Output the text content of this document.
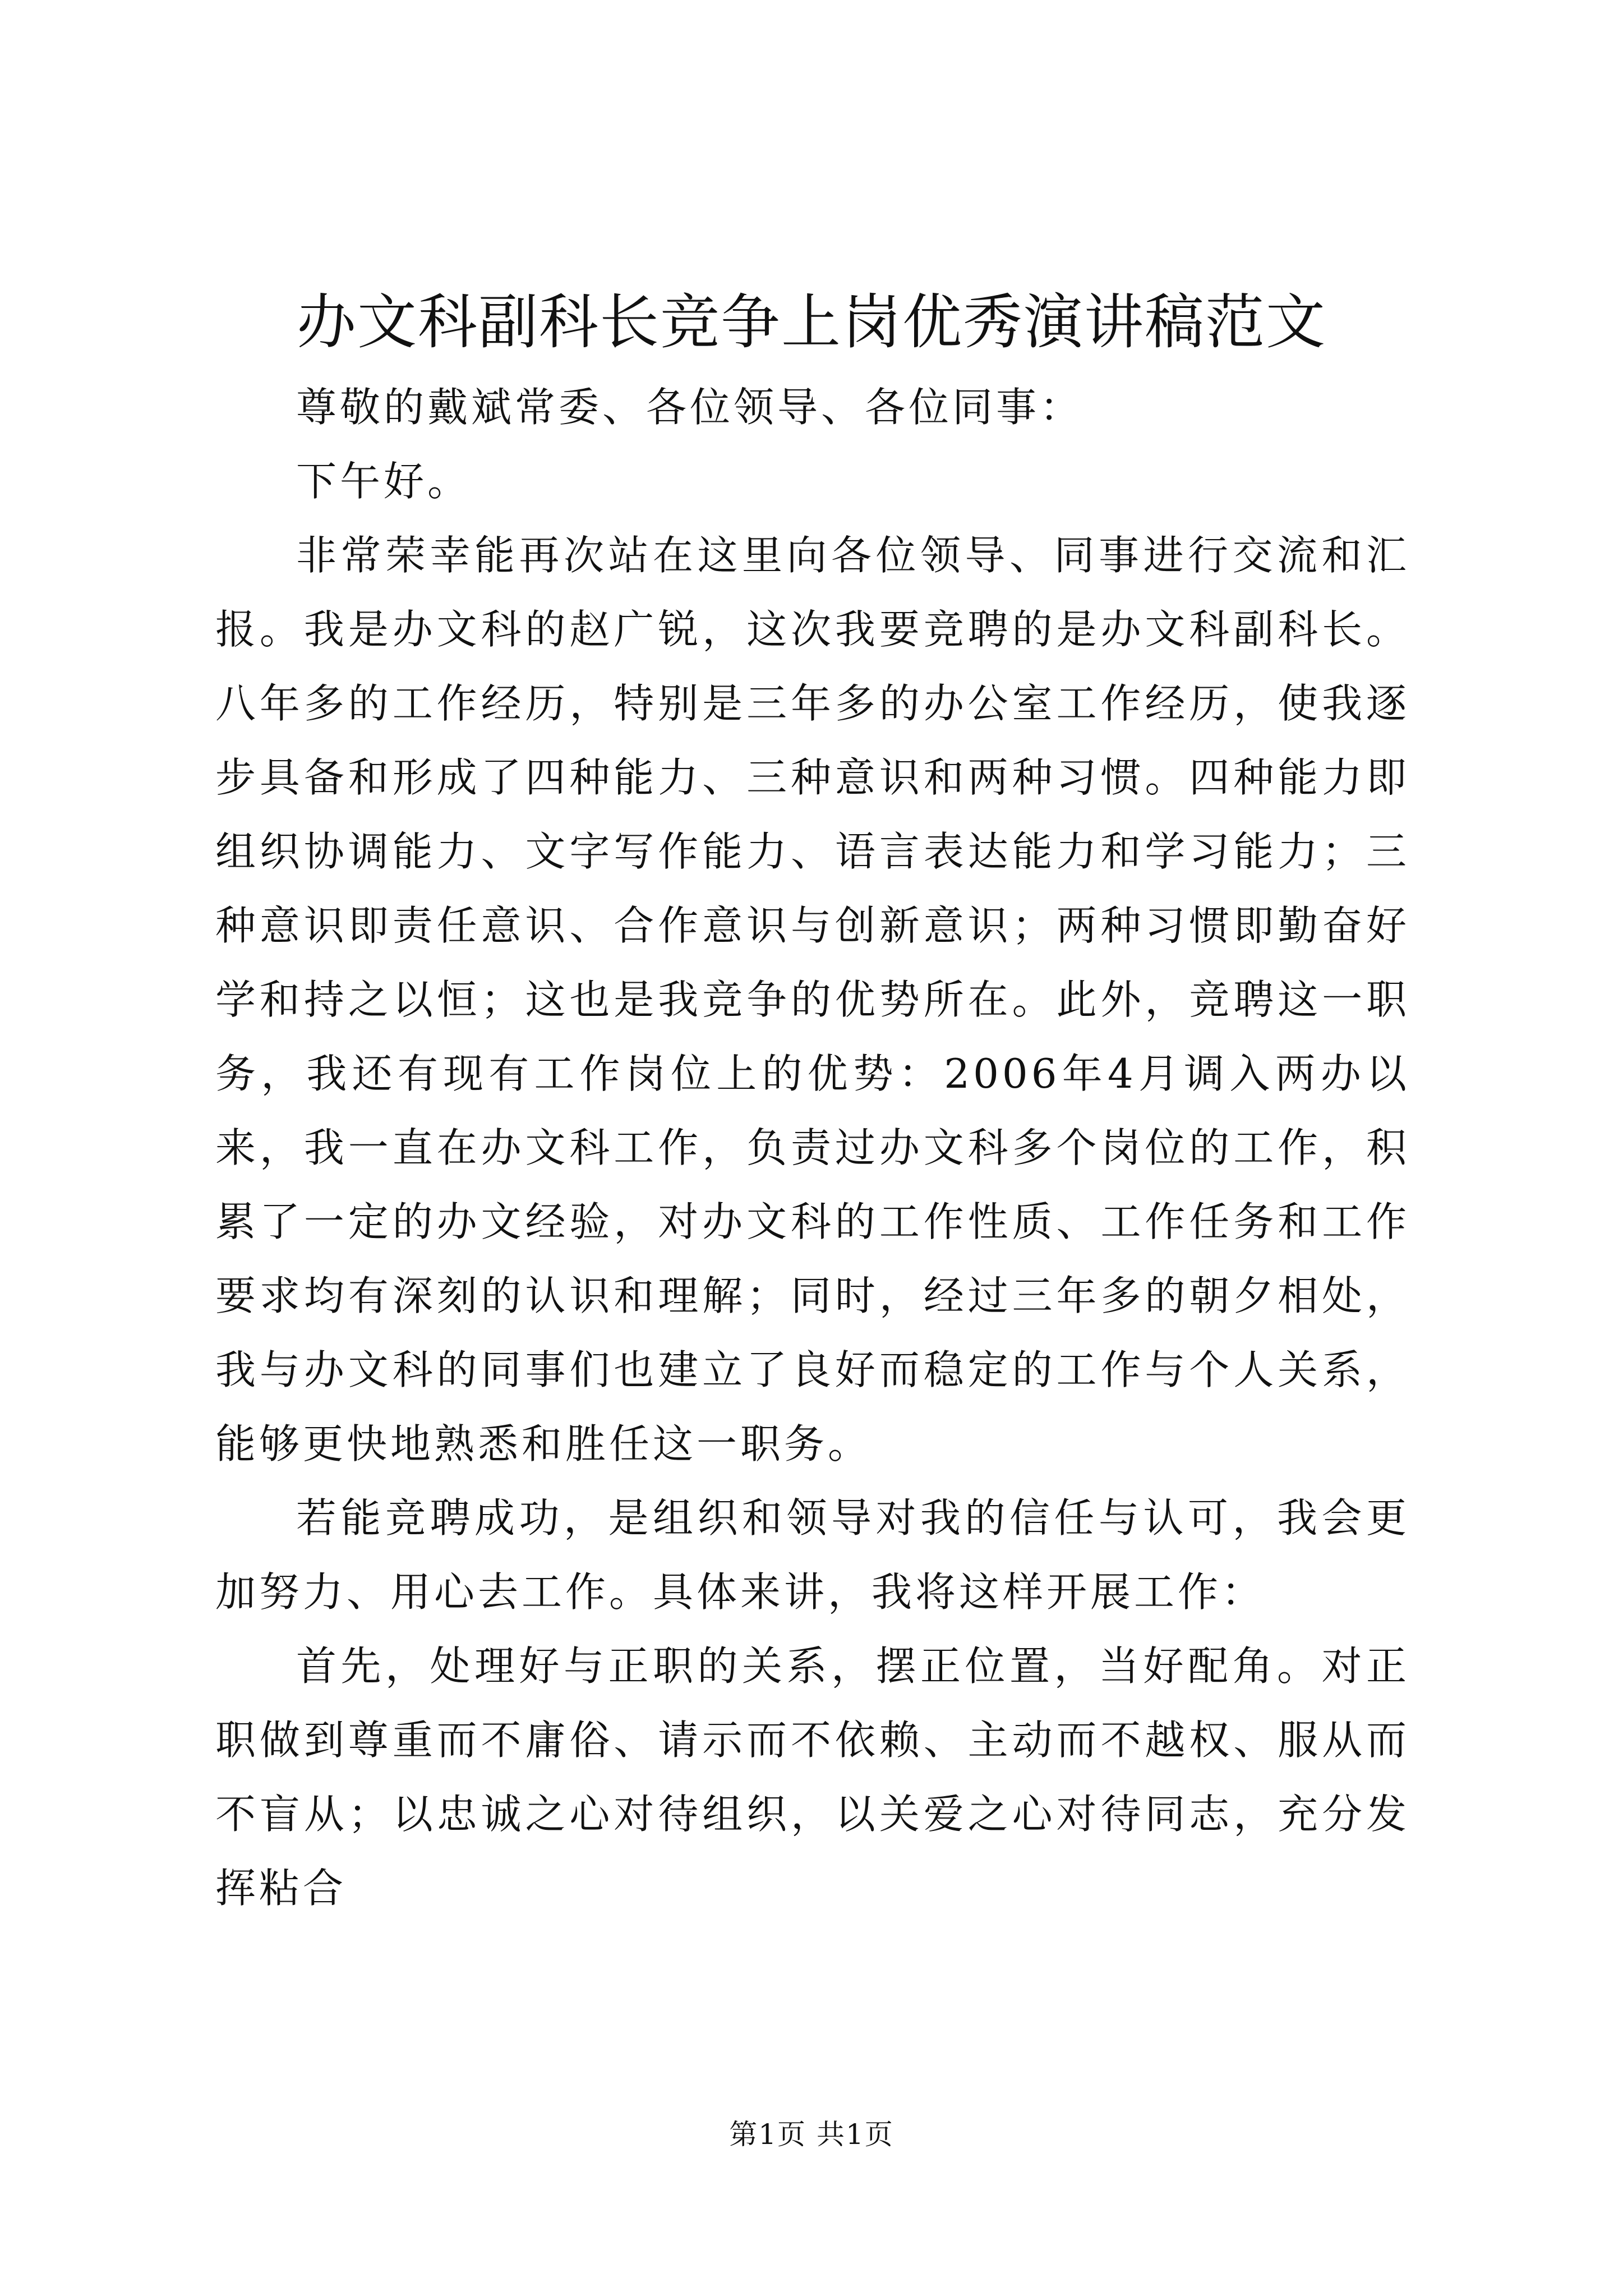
办文科副科长竞争上岗优秀演讲稿范文

尊敬的戴斌常委、各位领导、各位同事：

下午好。

非常荣幸能再次站在这里向各位领导、同事进行交流和汇报。我是办文科的赵广锐，这次我要竞聘的是办文科副科长。八年多的工作经历，特别是三年多的办公室工作经历，使我逐步具备和形成了四种能力、三种意识和两种习惯。四种能力即组织协调能力、文字写作能力、语言表达能力和学习能力；三种意识即责任意识、合作意识与创新意识；两种习惯即勤奋好学和持之以恒；这也是我竞争的优势所在。此外，竞聘这一职务，我还有现有工作岗位上的优势：2006年4月调入两办以来，我一直在办文科工作，负责过办文科多个岗位的工作，积累了一定的办文经验，对办文科的工作性质、工作任务和工作要求均有深刻的认识和理解；同时，经过三年多的朝夕相处，我与办文科的同事们也建立了良好而稳定的工作与个人关系，能够更快地熟悉和胜任这一职务。

若能竞聘成功，是组织和领导对我的信任与认可，我会更加努力、用心去工作。具体来讲，我将这样开展工作：

首先，处理好与正职的关系，摆正位置，当好配角。对正职做到尊重而不庸俗、请示而不依赖、主动而不越权、服从而不盲从；以忠诚之心对待组织，以关爱之心对待同志，充分发挥粘合

第1页 共1页
